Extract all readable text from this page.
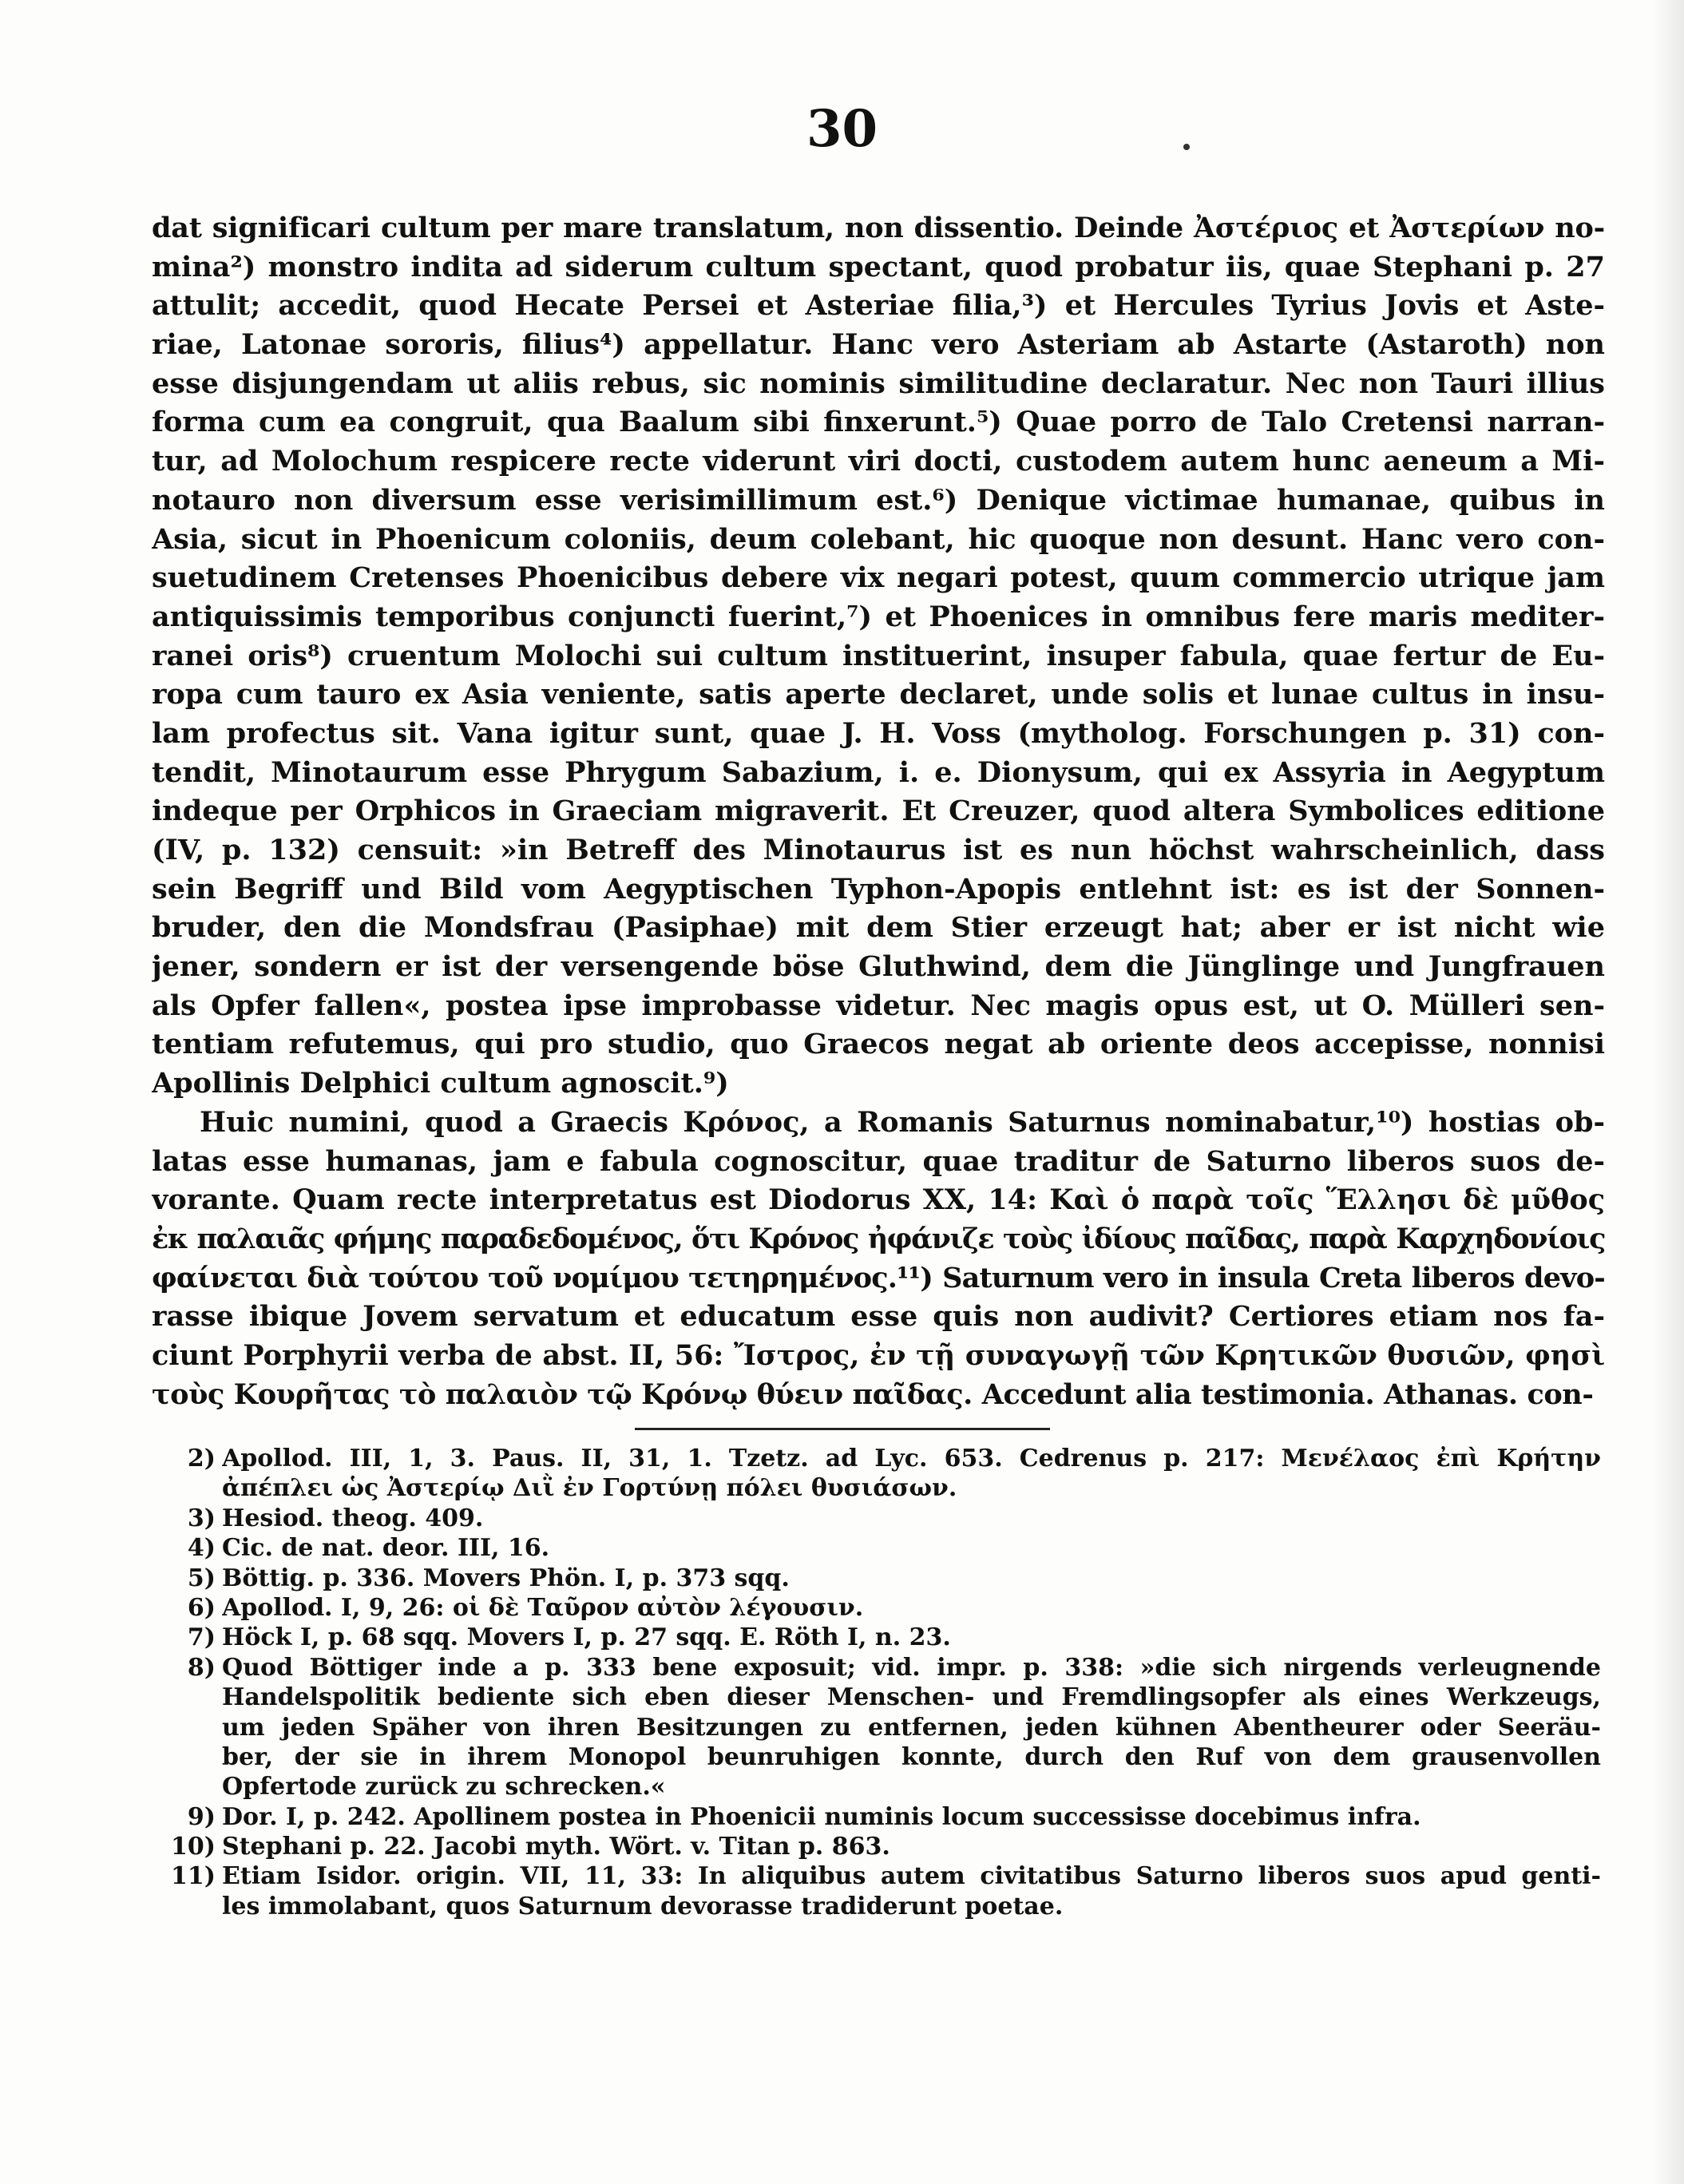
30
dat significari cultum per mare translatum, non dissentio. Deinde Ἀστέριος et Ἀστερίων no-
mina²) monstro indita ad siderum cultum spectant, quod probatur iis, quae Stephani p. 27
attulit; accedit, quod Hecate Persei et Asteriae filia,³) et Hercules Tyrius Jovis et Aste-
riae, Latonae sororis, filius⁴) appellatur. Hanc vero Asteriam ab Astarte (Astaroth) non
esse disjungendam ut aliis rebus, sic nominis similitudine declaratur. Nec non Tauri illius
forma cum ea congruit, qua Baalum sibi finxerunt.⁵) Quae porro de Talo Cretensi narran-
tur, ad Molochum respicere recte viderunt viri docti, custodem autem hunc aeneum a Mi-
notauro non diversum esse verisimillimum est.⁶) Denique victimae humanae, quibus in
Asia, sicut in Phoenicum coloniis, deum colebant, hic quoque non desunt. Hanc vero con-
suetudinem Cretenses Phoenicibus debere vix negari potest, quum commercio utrique jam
antiquissimis temporibus conjuncti fuerint,⁷) et Phoenices in omnibus fere maris mediter-
ranei oris⁸) cruentum Molochi sui cultum instituerint, insuper fabula, quae fertur de Eu-
ropa cum tauro ex Asia veniente, satis aperte declaret, unde solis et lunae cultus in insu-
lam profectus sit. Vana igitur sunt, quae J. H. Voss (mytholog. Forschungen p. 31) con-
tendit, Minotaurum esse Phrygum Sabazium, i. e. Dionysum, qui ex Assyria in Aegyptum
indeque per Orphicos in Graeciam migraverit. Et Creuzer, quod altera Symbolices editione
(IV, p. 132) censuit: »in Betreff des Minotaurus ist es nun höchst wahrscheinlich, dass
sein Begriff und Bild vom Aegyptischen Typhon-Apopis entlehnt ist: es ist der Sonnen-
bruder, den die Mondsfrau (Pasiphae) mit dem Stier erzeugt hat; aber er ist nicht wie
jener, sondern er ist der versengende böse Gluthwind, dem die Jünglinge und Jungfrauen
als Opfer fallen«, postea ipse improbasse videtur. Nec magis opus est, ut O. Mülleri sen-
tentiam refutemus, qui pro studio, quo Graecos negat ab oriente deos accepisse, nonnisi
Apollinis Delphici cultum agnoscit.⁹)
Huic numini, quod a Graecis Κρόνος, a Romanis Saturnus nominabatur,¹⁰) hostias ob-
latas esse humanas, jam e fabula cognoscitur, quae traditur de Saturno liberos suos de-
vorante. Quam recte interpretatus est Diodorus XX, 14: Καὶ ὁ παρὰ τοῖς Ἕλλησι δὲ μῦθος
ἐκ παλαιᾶς φήμης παραδεδομένος, ὅτι Κρόνος ἠφάνιζε τοὺς ἰδίους παῖδας, παρὰ Καρχηδονίοις
φαίνεται διὰ τούτου τοῦ νομίμου τετηρημένος.¹¹) Saturnum vero in insula Creta liberos devo-
rasse ibique Jovem servatum et educatum esse quis non audivit? Certiores etiam nos fa-
ciunt Porphyrii verba de abst. II, 56: Ἴστρος, ἐν τῇ συναγωγῇ τῶν Κρητικῶν θυσιῶν, φησὶ
τοὺς Κουρῆτας τὸ παλαιὸν τῷ Κρόνῳ θύειν παῖδας. Accedunt alia testimonia. Athanas. con-
2) Apollod. III, 1, 3. Paus. II, 31, 1. Tzetz. ad Lyc. 653. Cedrenus p. 217: Μενέλαος ἐπὶ Κρήτην
ἀπέπλει ὡς Ἀστερίῳ Διῒ ἐν Γορτύνῃ πόλει θυσιάσων.
3) Hesiod. theog. 409.
4) Cic. de nat. deor. III, 16.
5) Böttig. p. 336. Movers Phön. I, p. 373 sqq.
6) Apollod. I, 9, 26: οἱ δὲ Ταῦρον αὐτὸν λέγουσιν.
7) Höck I, p. 68 sqq. Movers I, p. 27 sqq. E. Röth I, n. 23.
8) Quod Böttiger inde a p. 333 bene exposuit; vid. impr. p. 338: »die sich nirgends verleugnende
Handelspolitik bediente sich eben dieser Menschen- und Fremdlingsopfer als eines Werkzeugs,
um jeden Späher von ihren Besitzungen zu entfernen, jeden kühnen Abentheurer oder Seeräu-
ber, der sie in ihrem Monopol beunruhigen konnte, durch den Ruf von dem grausenvollen
Opfertode zurück zu schrecken.«
9) Dor. I, p. 242. Apollinem postea in Phoenicii numinis locum successisse docebimus infra.
10) Stephani p. 22. Jacobi myth. Wört. v. Titan p. 863.
11) Etiam Isidor. origin. VII, 11, 33: In aliquibus autem civitatibus Saturno liberos suos apud genti-
les immolabant, quos Saturnum devorasse tradiderunt poetae.
